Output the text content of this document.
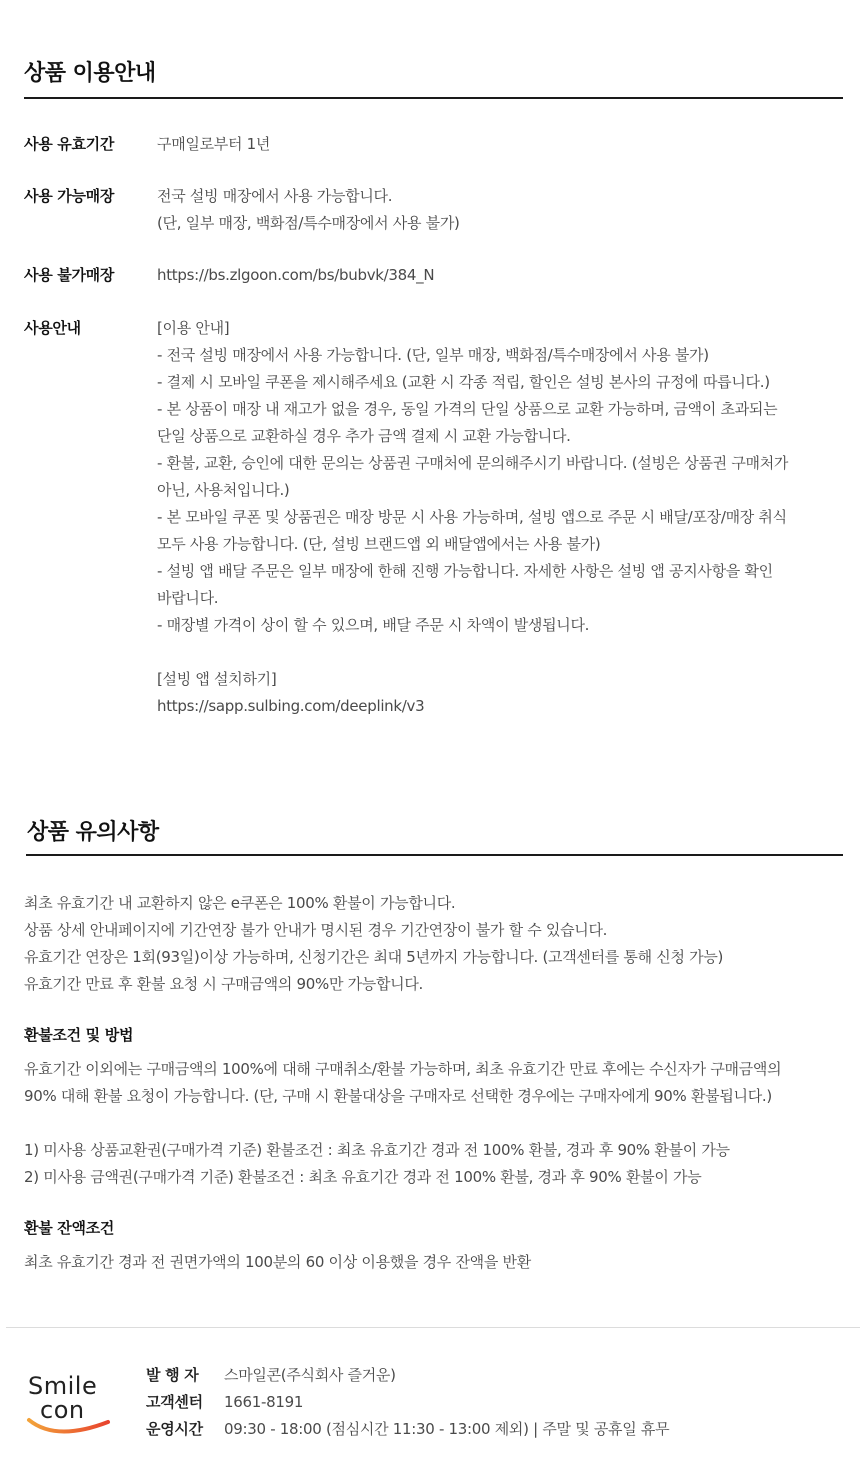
상품 이용안내
사용 유효기간	구매일로부터 1년
사용 가능매장	전국 설빙 매장에서 사용 가능합니다.
(단, 일부 매장, 백화점/특수매장에서 사용 불가)
사용 불가매장	https://bs.zlgoon.com/bs/bubvk/384_N
사용안내	[이용 안내]
- 전국 설빙 매장에서 사용 가능합니다. (단, 일부 매장, 백화점/특수매장에서 사용 불가)
- 결제 시 모바일 쿠폰을 제시해주세요 (교환 시 각종 적립, 할인은 설빙 본사의 규정에 따릅니다.)
- 본 상품이 매장 내 재고가 없을 경우, 동일 가격의 단일 상품으로 교환 가능하며, 금액이 초과되는
단일 상품으로 교환하실 경우 추가 금액 결제 시 교환 가능합니다.
- 환불, 교환, 승인에 대한 문의는 상품권 구매처에 문의해주시기 바랍니다. (설빙은 상품권 구매처가
아닌, 사용처입니다.)
- 본 모바일 쿠폰 및 상품권은 매장 방문 시 사용 가능하며, 설빙 앱으로 주문 시 배달/포장/매장 취식
모두 사용 가능합니다. (단, 설빙 브랜드앱 외 배달앱에서는 사용 불가)
- 설빙 앱 배달 주문은 일부 매장에 한해 진행 가능합니다. 자세한 사항은 설빙 앱 공지사항을 확인
바랍니다.
- 매장별 가격이 상이 할 수 있으며, 배달 주문 시 차액이 발생됩니다.
[설빙 앱 설치하기]
https://sapp.sulbing.com/deeplink/v3
상품 유의사항
최초 유효기간 내 교환하지 않은 e쿠폰은 100% 환불이 가능합니다.
상품 상세 안내페이지에 기간연장 불가 안내가 명시된 경우 기간연장이 불가 할 수 있습니다.
유효기간 연장은 1회(93일)이상 가능하며, 신청기간은 최대 5년까지 가능합니다. (고객센터를 통해 신청 가능)
유효기간 만료 후 환불 요청 시 구매금액의 90%만 가능합니다.
환불조건 및 방법
유효기간 이외에는 구매금액의 100%에 대해 구매취소/환불 가능하며, 최초 유효기간 만료 후에는 수신자가 구매금액의
90% 대해 환불 요청이 가능합니다. (단, 구매 시 환불대상을 구매자로 선택한 경우에는 구매자에게 90% 환불됩니다.)
1) 미사용 상품교환권(구매가격 기준) 환불조건 : 최초 유효기간 경과 전 100% 환불, 경과 후 90% 환불이 가능
2) 미사용 금액권(구매가격 기준) 환불조건 : 최초 유효기간 경과 전 100% 환불, 경과 후 90% 환불이 가능
환불 잔액조건
최초 유효기간 경과 전 권면가액의 100분의 60 이상 이용했을 경우 잔액을 반환
Smile
con
발 행 자	스마일콘(주식회사 즐거운)
고객센터	1661-8191
운영시간	09:30 - 18:00 (점심시간 11:30 - 13:00 제외) | 주말 및 공휴일 휴무
